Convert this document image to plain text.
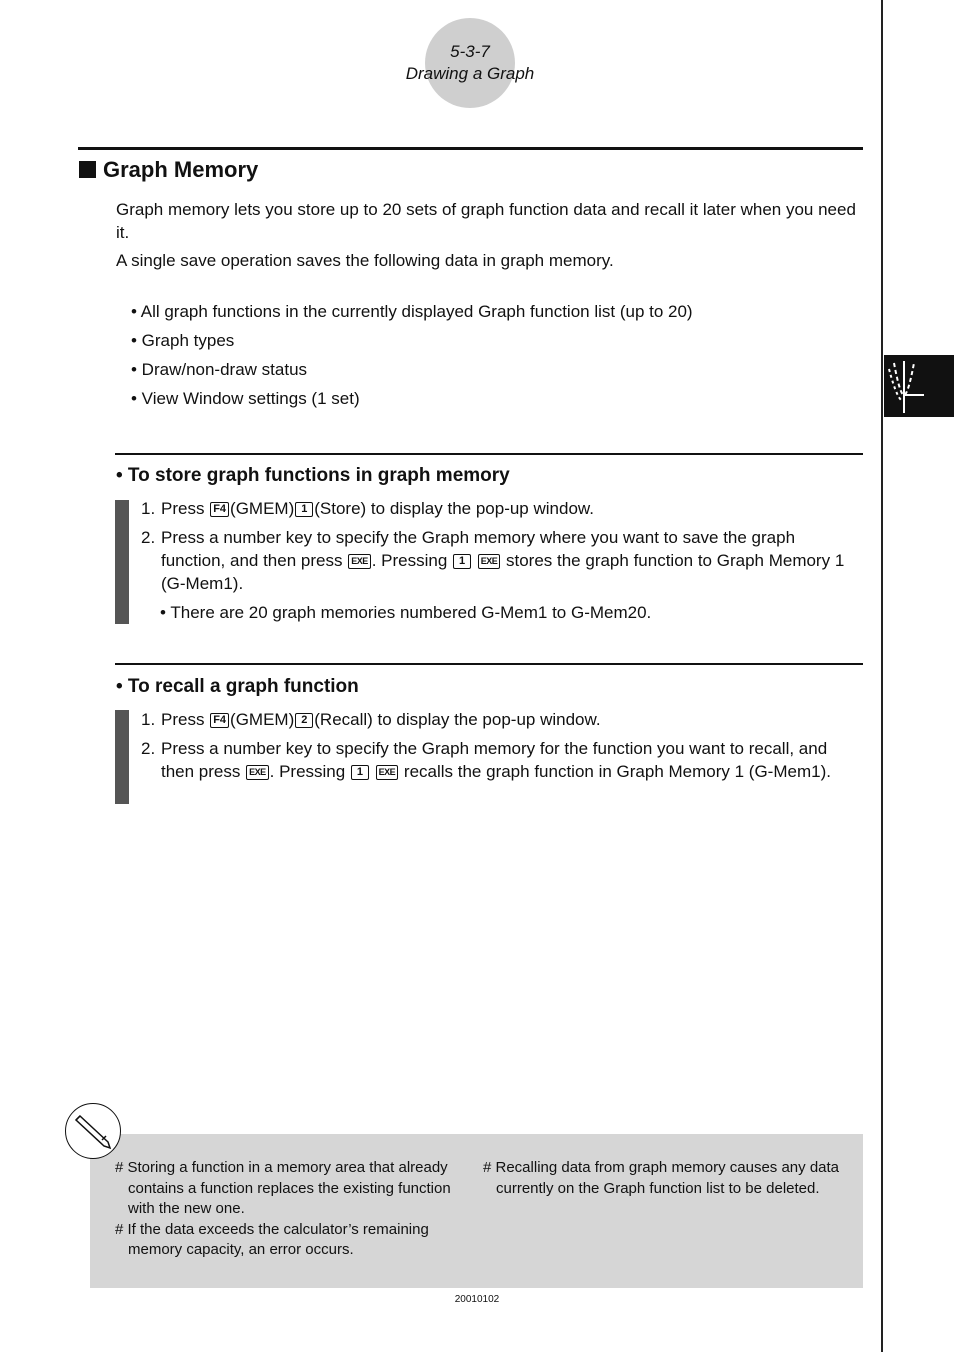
5-3-7
Drawing a Graph
Graph Memory
Graph memory lets you store up to 20 sets of graph function data and recall it later when you need it.
A single save operation saves the following data in graph memory.
• All graph functions in the currently displayed Graph function list (up to 20)
• Graph types
• Draw/non-draw status
• View Window settings (1 set)
• To store graph functions in graph memory
1. Press F4 (GMEM) 1 (Store) to display the pop-up window.
2. Press a number key to specify the Graph memory where you want to save the graph function, and then press EXE . Pressing 1 EXE stores the graph function to Graph Memory 1 (G-Mem1).
• There are 20 graph memories numbered G-Mem1 to G-Mem20.
• To recall a graph function
1. Press F4 (GMEM) 2 (Recall) to display the pop-up window.
2. Press a number key to specify the Graph memory for the function you want to recall, and then press EXE . Pressing 1 EXE recalls the graph function in Graph Memory 1 (G-Mem1).
# Storing a function in a memory area that already contains a function replaces the existing function with the new one.
# If the data exceeds the calculator’s remaining memory capacity, an error occurs.
# Recalling data from graph memory causes any data currently on the Graph function list to be deleted.
20010102
